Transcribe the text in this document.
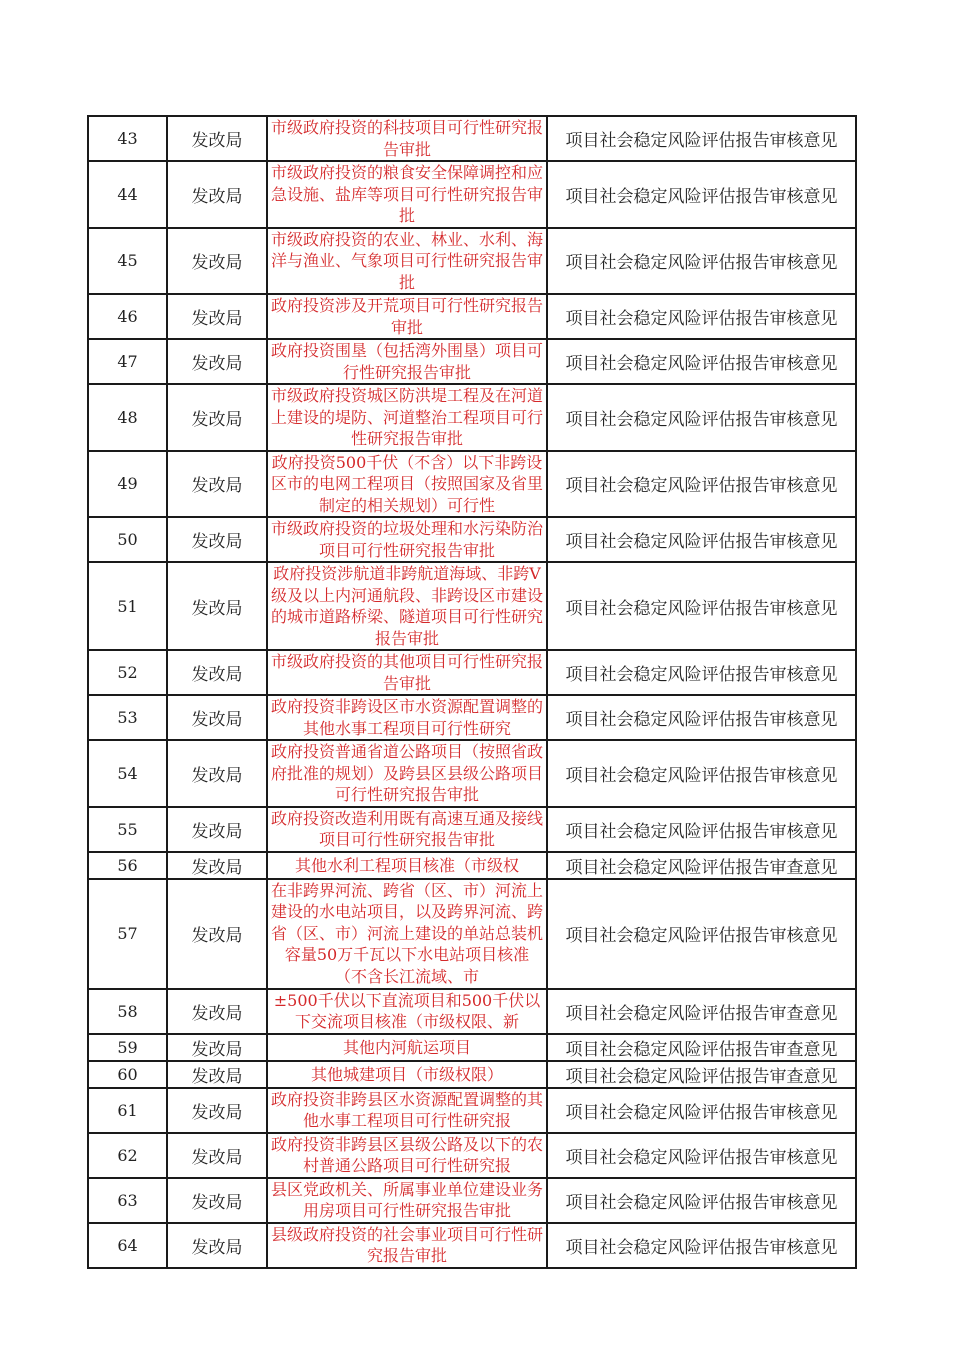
43	发改局	市级政府投资的科技项目可行性研究报告审批	项目社会稳定风险评估报告审核意见
44	发改局	市级政府投资的粮食安全保障调控和应急设施、盐库等项目可行性研究报告审批	项目社会稳定风险评估报告审核意见
45	发改局	市级政府投资的农业、林业、水利、海洋与渔业、气象项目可行性研究报告审批	项目社会稳定风险评估报告审核意见
46	发改局	政府投资涉及开荒项目可行性研究报告审批	项目社会稳定风险评估报告审核意见
47	发改局	政府投资围垦（包括湾外围垦）项目可行性研究报告审批	项目社会稳定风险评估报告审核意见
48	发改局	市级政府投资城区防洪堤工程及在河道上建设的堤防、河道整治工程项目可行性研究报告审批	项目社会稳定风险评估报告审核意见
49	发改局	政府投资500千伏（不含）以下非跨设区市的电网工程项目（按照国家及省里制定的相关规划）可行性	项目社会稳定风险评估报告审核意见
50	发改局	市级政府投资的垃圾处理和水污染防治项目可行性研究报告审批	项目社会稳定风险评估报告审核意见
51	发改局	政府投资涉航道非跨航道海域、非跨V级及以上内河通航段、非跨设区市建设的城市道路桥梁、隧道项目可行性研究报告审批	项目社会稳定风险评估报告审核意见
52	发改局	市级政府投资的其他项目可行性研究报告审批	项目社会稳定风险评估报告审核意见
53	发改局	政府投资非跨设区市水资源配置调整的其他水事工程项目可行性研究	项目社会稳定风险评估报告审核意见
54	发改局	政府投资普通省道公路项目（按照省政府批准的规划）及跨县区县级公路项目可行性研究报告审批	项目社会稳定风险评估报告审核意见
55	发改局	政府投资改造利用既有高速互通及接线项目可行性研究报告审批	项目社会稳定风险评估报告审核意见
56	发改局	其他水利工程项目核准（市级权	项目社会稳定风险评估报告审查意见
57	发改局	在非跨界河流、跨省（区、市）河流上建设的水电站项目，以及跨界河流、跨省（区、市）河流上建设的单站总装机容量50万千瓦以下水电站项目核准（不含长江流域、市	项目社会稳定风险评估报告审核意见
58	发改局	±500千伏以下直流项目和500千伏以下交流项目核准（市级权限、新	项目社会稳定风险评估报告审查意见
59	发改局	其他内河航运项目	项目社会稳定风险评估报告审查意见
60	发改局	其他城建项目（市级权限）	项目社会稳定风险评估报告审查意见
61	发改局	政府投资非跨县区水资源配置调整的其他水事工程项目可行性研究报	项目社会稳定风险评估报告审核意见
62	发改局	政府投资非跨县区县级公路及以下的农村普通公路项目可行性研究报	项目社会稳定风险评估报告审核意见
63	发改局	县区党政机关、所属事业单位建设业务用房项目可行性研究报告审批	项目社会稳定风险评估报告审核意见
64	发改局	县级政府投资的社会事业项目可行性研究报告审批	项目社会稳定风险评估报告审核意见
